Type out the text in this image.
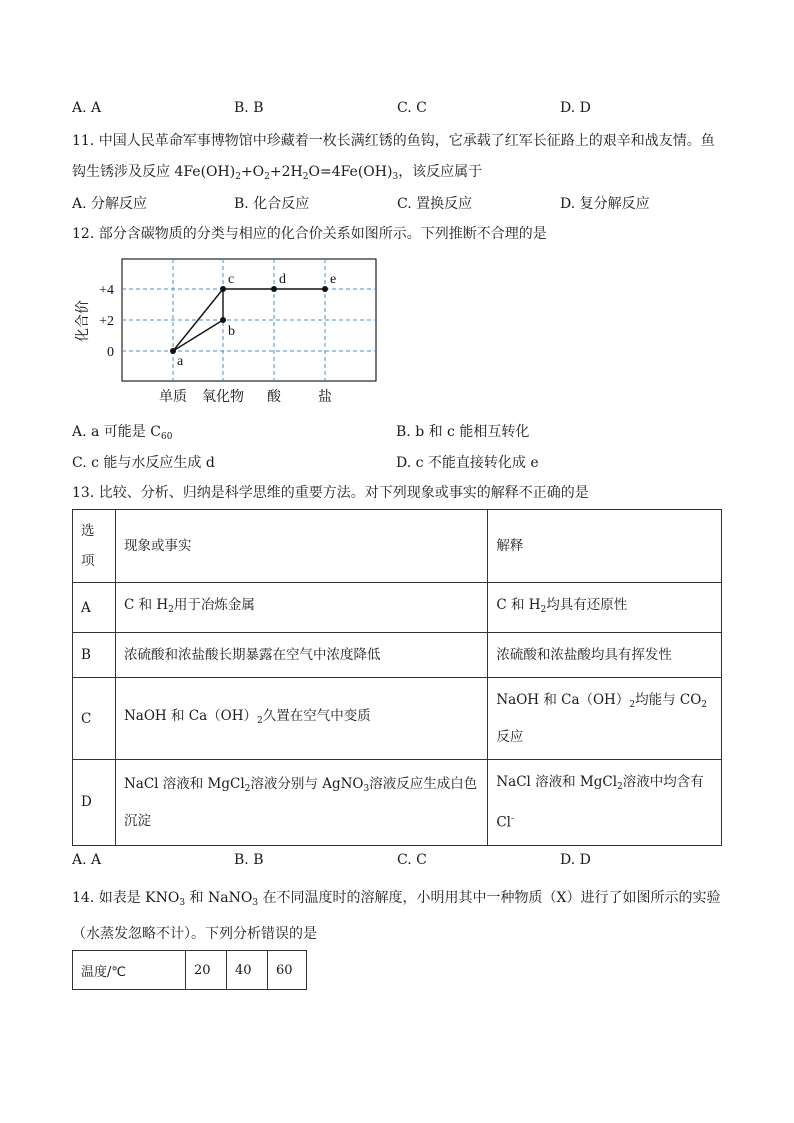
A. A	B. B	C. C	D. D
11. 中国人民革命军事博物馆中珍藏着一枚长满红锈的鱼钩，它承载了红军长征路上的艰辛和战友情。鱼
钩生锈涉及反应 $4Fe(OH)_2+O_2+2H_2O=4Fe(OH)_3$，该反应属于
A. 分解反应	B. 化合反应	C. 置换反应	D. 复分解反应
12. 部分含碳物质的分类与相应的化合价关系如图所示。下列推断不合理的是
a
b
c	d	e
+4
+2
0
化合价
单质 氧化物 酸	盐
A. a 可能是 $C_{60}$	B. b 和 c 能相互转化
C. c 能与水反应生成 d	D. c 不能直接转化成 e
13. 比较、分析、归纳是科学思维的重要方法。对下列现象或事实的解释不正确的是
选项	现象或事实	解释
A	C 和 $H_2$用于冶炼金属	C 和 $H_2$均具有还原性
B	浓硫酸和浓盐酸长期暴露在空气中浓度降低	浓硫酸和浓盐酸均具有挥发性
C	NaOH 和 $Ca(OH)_2$久置在空气中变质	NaOH 和 $Ca(OH)_2$均能与 $CO_2$反应
D	NaCl 溶液和 MgCl$_2$溶液分别与 AgNO$_3$溶液反应生成白色沉淀	NaCl 溶液和 MgCl$_2$溶液中均含有 Cl-
A. A	B. B	C. C	D. D
14. 如表是 $KNO_3$ 和 NaNO$_3$ 在不同温度时的溶解度，小明用其中一种物质（X）进行了如图所示的实验
（水蒸发忽略不计）。下列分析错误的是
温度/℃	20	40	60
